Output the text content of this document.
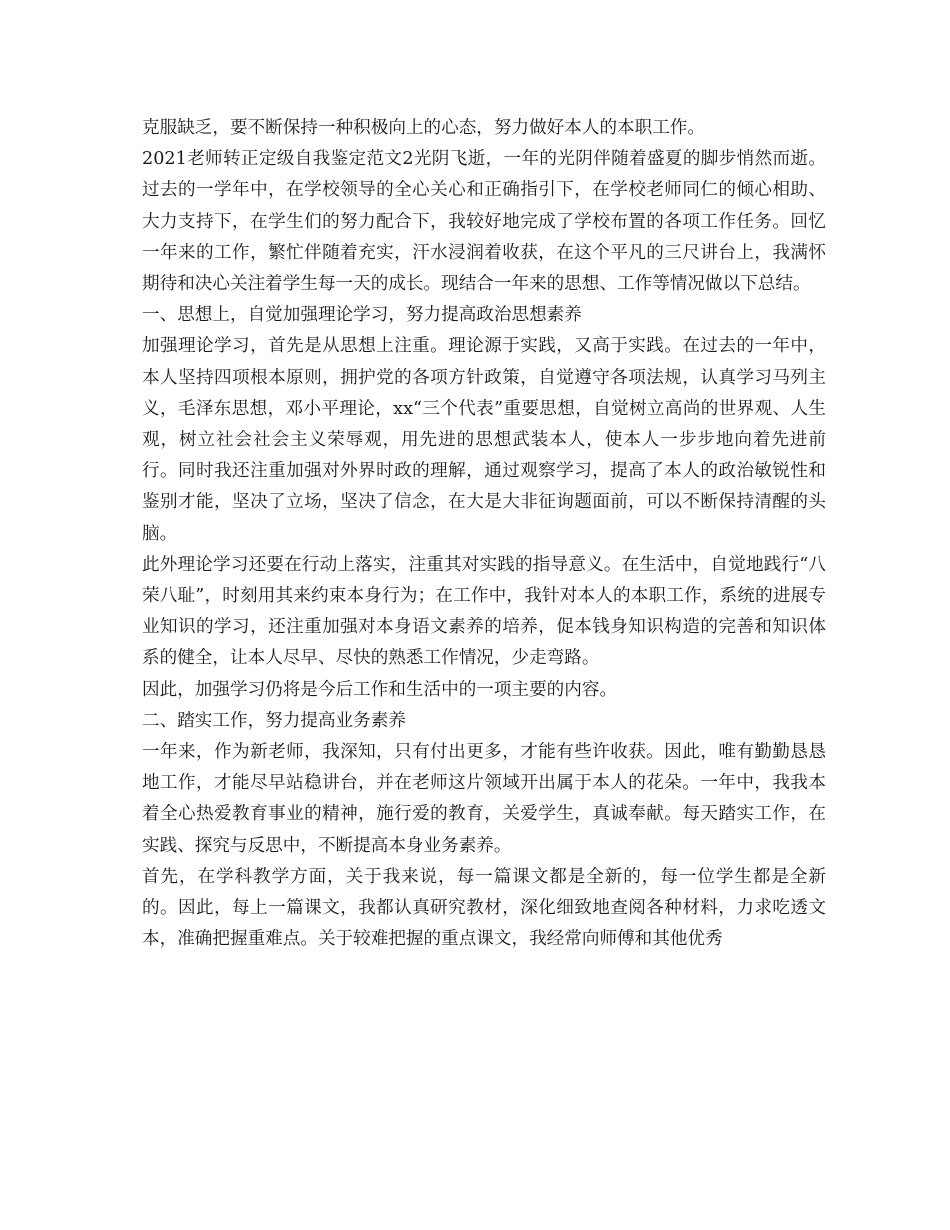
克服缺乏，要不断保持一种积极向上的心态，努力做好本人的本职工作。

2021老师转正定级自我鉴定范文2光阴飞逝，一年的光阴伴随着盛夏的脚步悄然而逝。过去的一学年中，在学校领导的全心关心和正确指引下，在学校老师同仁的倾心相助、大力支持下，在学生们的努力配合下，我较好地完成了学校布置的各项工作任务。回忆一年来的工作，繁忙伴随着充实，汗水浸润着收获，在这个平凡的三尺讲台上，我满怀期待和决心关注着学生每一天的成长。现结合一年来的思想、工作等情况做以下总结。

一、思想上，自觉加强理论学习，努力提高政治思想素养

加强理论学习，首先是从思想上注重。理论源于实践，又高于实践。在过去的一年中，本人坚持四项根本原则，拥护党的各项方针政策，自觉遵守各项法规，认真学习马列主义，毛泽东思想，邓小平理论，xx“三个代表”重要思想，自觉树立高尚的世界观、人生观，树立社会社会主义荣辱观，用先进的思想武装本人，使本人一步步地向着先进前行。同时我还注重加强对外界时政的理解，通过观察学习，提高了本人的政治敏锐性和鉴别才能，坚决了立场，坚决了信念，在大是大非征询题面前，可以不断保持清醒的头脑。

此外理论学习还要在行动上落实，注重其对实践的指导意义。在生活中，自觉地践行“八荣八耻”，时刻用其来约束本身行为；在工作中，我针对本人的本职工作，系统的进展专业知识的学习，还注重加强对本身语文素养的培养，促本钱身知识构造的完善和知识体系的健全，让本人尽早、尽快的熟悉工作情况，少走弯路。

因此，加强学习仍将是今后工作和生活中的一项主要的内容。

二、踏实工作，努力提高业务素养

一年来，作为新老师，我深知，只有付出更多，才能有些许收获。因此，唯有勤勤恳恳地工作，才能尽早站稳讲台，并在老师这片领域开出属于本人的花朵。一年中，我我本着全心热爱教育事业的精神，施行爱的教育，关爱学生，真诚奉献。每天踏实工作，在实践、探究与反思中，不断提高本身业务素养。

首先，在学科教学方面，关于我来说，每一篇课文都是全新的，每一位学生都是全新的。因此，每上一篇课文，我都认真研究教材，深化细致地查阅各种材料，力求吃透文本，准确把握重难点。关于较难把握的重点课文，我经常向师傅和其他优秀
